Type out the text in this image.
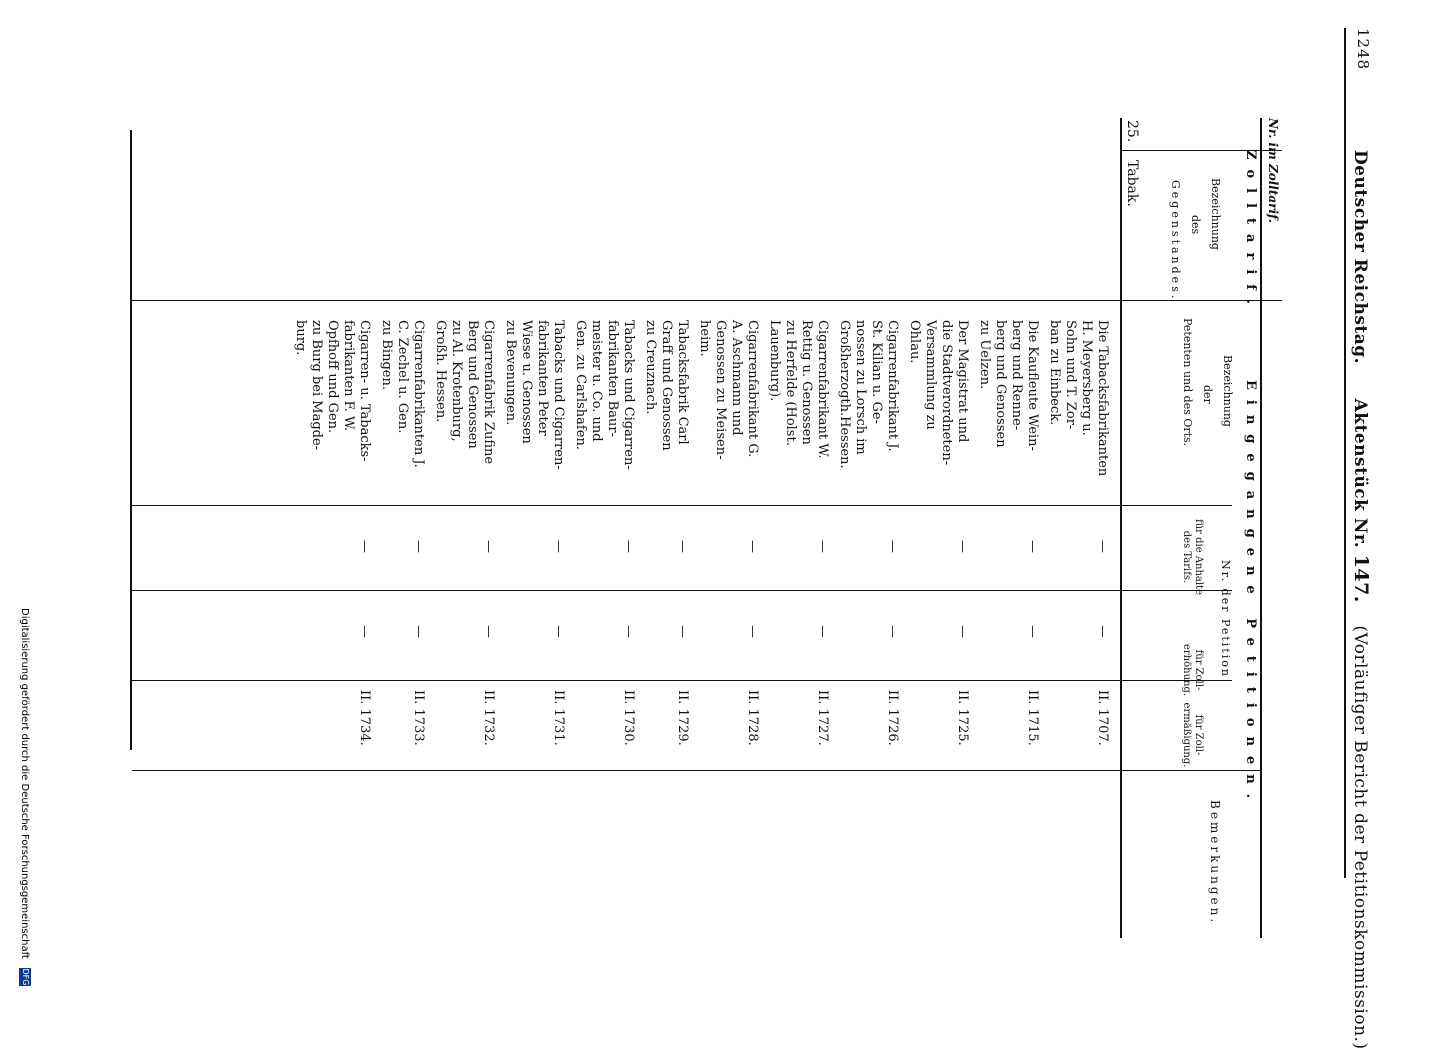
1248
Deutscher Reichstag. Aktenstück Nr. 147. (Vorläufiger Bericht der Petitionskommission.)
Nr. im Zolltarif.
Zolltarif.
Bezeichnung
des
Gegenstandes.
Eingegangene Petitionen.
Bezeichnung
der
Petenten und des Orts.
Nr. der Petition
für die Anhalte des Tarifs.
für Zoll-erhöhung.
für Zoll-ermäßigung.
Bemerkungen.
25.
Tabak.
Die Tabacksfabrikanten
H. Meyersberg u.
Sohn und T. Zor-
ban zu Einbeck.
—
—
II. 1707.
Die Kaufleute Wein-
berg und Renne-
berg und Genossen
zu Uelzen.
—
—
II. 1715.
Der Magistrat und
die Stadtverordneten-
Versammlung zu
Ohlau.
—
—
II. 1725.
Cigarrenfabrikant J.
St. Kilian u. Ge-
nossen zu Lorsch im
Großherzogth.Hessen.
—
—
II. 1726.
Cigarrenfabrikant W.
Rettig u. Genossen
zu Herfelde (Holst.
Lauenburg).
—
—
II. 1727.
Cigarrenfabrikant G.
A. Aschmann und
Genossen zu Meisen-
heim.
—
—
II. 1728.
Tabacksfabrik Carl
Graff und Genossen
zu Creuznach.
—
—
II. 1729.
Tabacks und Cigarren-
fabrikanten Baur-
meister u. Co. und
Gen. zu Carlshafen.
—
—
II. 1730.
Tabacks und Cigarren-
fabrikanten Peter
Wiese u. Genossen
zu Bevenungen.
—
—
II. 1731.
Cigarrenfabrik Zufine
Berg und Genossen
zu Al. Krotenburg,
Großh. Hessen.
—
—
II. 1732.
Cigarrenfabrikanten J.
C. Zechel u. Gen.
zu Bingen.
—
—
II. 1733.
Cigarren- u. Tabacks-
fabrikanten F. W.
Opfhoff und Gen.
zu Burg bei Magde-
burg.
—
—
II. 1734.
Digitalisierung gefördert durch die Deutsche Forschungsgemeinschaft
DFG
